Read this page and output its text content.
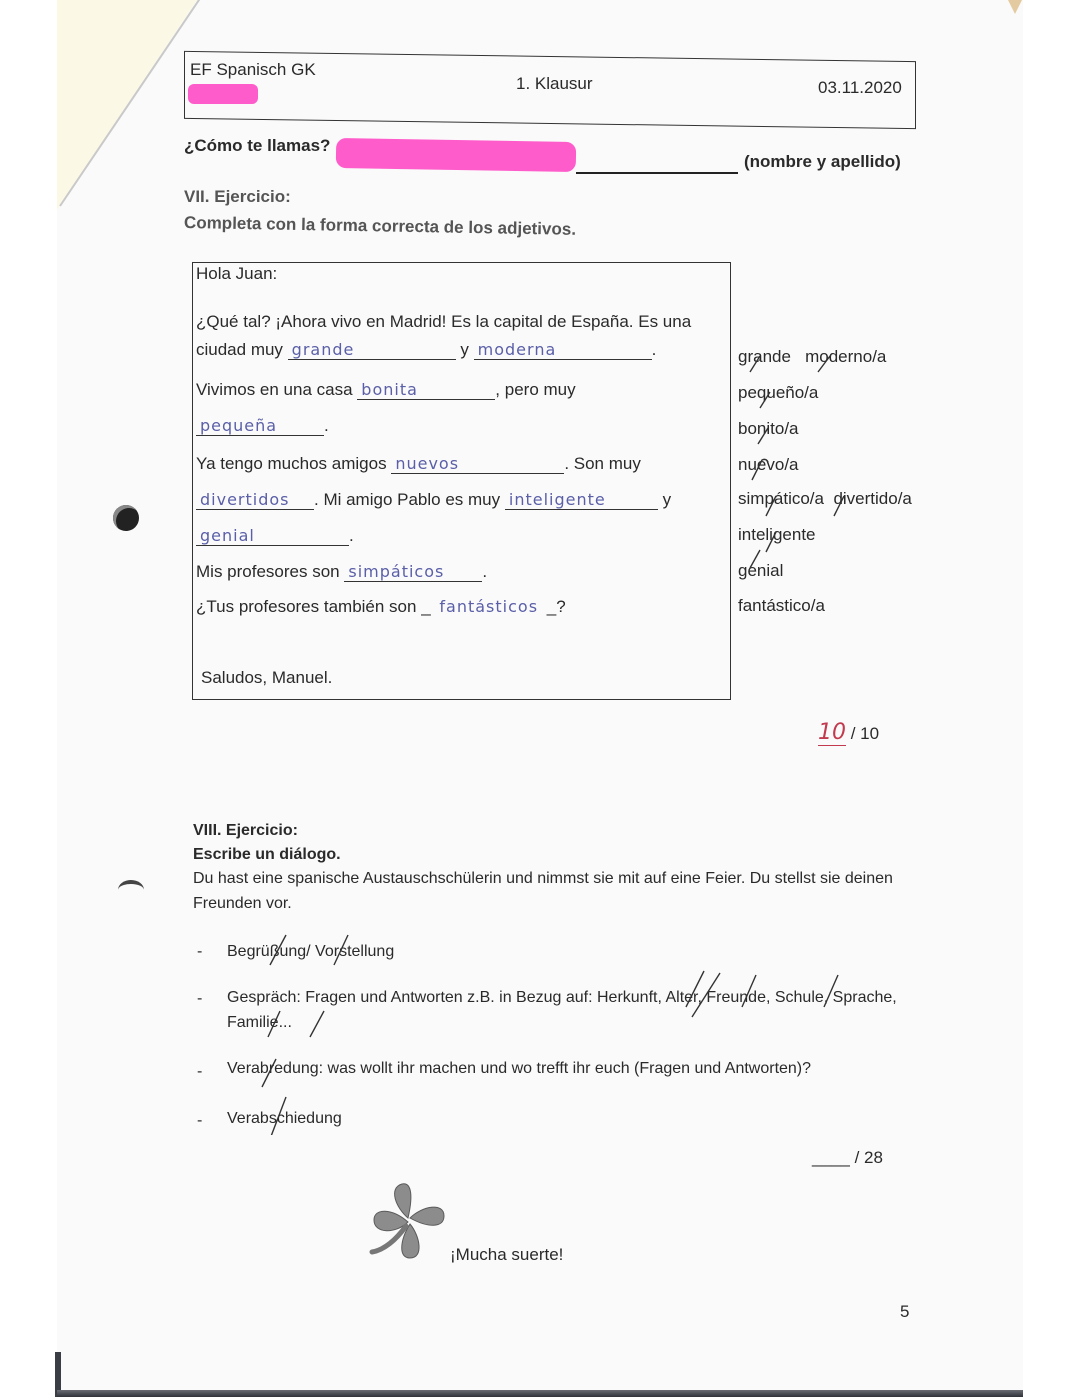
EF Spanisch GK
1. Klausur	03.11.2020
¿Cómo te llamas?
(nombre y apellido)
VII. Ejercicio:
Completa con la forma correcta de los adjetivos.
Hola Juan:
¿Qué tal? ¡Ahora vivo en Madrid! Es la capital de España. Es una
ciudad muy grande	y moderna	.
Vivimos en una casa bonita	, pero muy
pequeña	.
Ya tengo muchos amigos nuevos	. Son muy
divertidos . Mi amigo Pablo es muy inteligente	y
genial	.
Mis profesores son simpáticos .
¿Tus profesores también son _ fantásticos _?
Saludos, Manuel.
grande moderno/a
pequeño/a
bonito/a
nuevo/a
simpático/a divertido/a
inteligente
genial
fantástico/a
10 / 10
VIII. Ejercicio:
Escribe un diálogo.
Du hast eine spanische Austauschschülerin und nimmst sie mit auf eine Feier. Du stellst sie deinen Freunden vor.
- Begrüßung/ Vorstellung
- Gespräch: Fragen und Antworten z.B. in Bezug auf: Herkunft, Alter, Freunde, Schule, Sprache, Familie...
- Verabredung: was wollt ihr machen und wo trefft ihr euch (Fragen und Antworten)?
- Verabschiedung
____ / 28
¡Mucha suerte!
5
